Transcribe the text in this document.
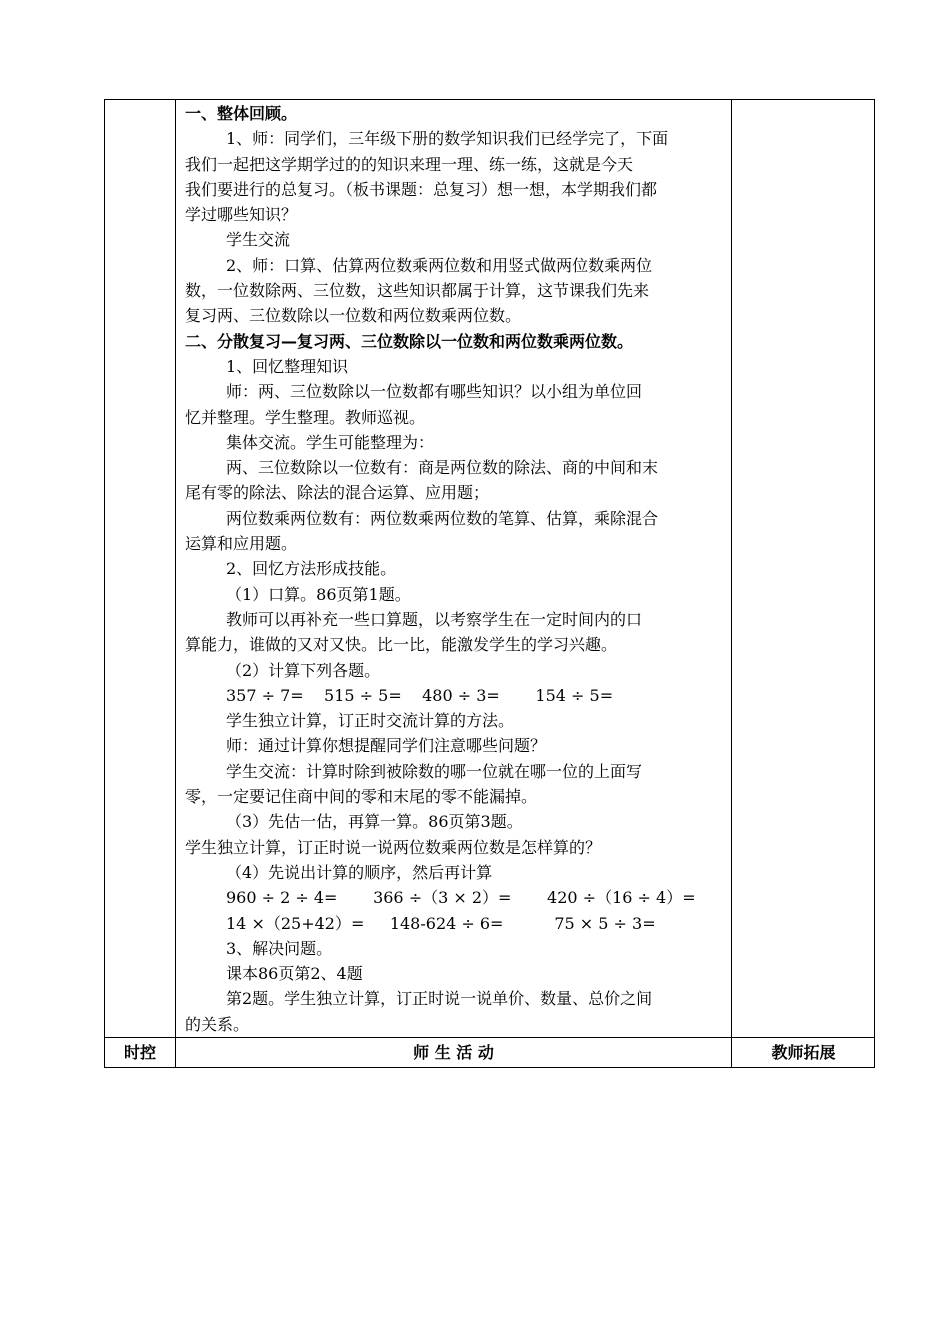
一、整体回顾。
1、师：同学们，三年级下册的数学知识我们已经学完了，下面
我们一起把这学期学过的的知识来理一理、练一练，这就是今天
我们要进行的总复习。（板书课题：总复习）想一想，本学期我们都
学过哪些知识？
学生交流
2、师：口算、估算两位数乘两位数和用竖式做两位数乘两位
数，一位数除两、三位数，这些知识都属于计算，这节课我们先来
复习两、三位数除以一位数和两位数乘两位数。
二、分散复习—复习两、三位数除以一位数和两位数乘两位数。
1、回忆整理知识
师：两、三位数除以一位数都有哪些知识？以小组为单位回
忆并整理。学生整理。教师巡视。
集体交流。学生可能整理为：
两、三位数除以一位数有：商是两位数的除法、商的中间和末
尾有零的除法、除法的混合运算、应用题；
两位数乘两位数有：两位数乘两位数的笔算、估算，乘除混合
运算和应用题。
2、回忆方法形成技能。
（1）口算。86页第1题。
教师可以再补充一些口算题，以考察学生在一定时间内的口
算能力，谁做的又对又快。比一比，能激发学生的学习兴趣。
（2）计算下列各题。
357 ÷ 7=    515 ÷ 5=    480 ÷ 3=       154 ÷ 5=
学生独立计算，订正时交流计算的方法。
师：通过计算你想提醒同学们注意哪些问题？
学生交流：计算时除到被除数的哪一位就在哪一位的上面写
零，一定要记住商中间的零和末尾的零不能漏掉。
（3）先估一估，再算一算。86页第3题。
学生独立计算，订正时说一说两位数乘两位数是怎样算的？
（4）先说出计算的顺序，然后再计算
960 ÷ 2 ÷ 4=       366 ÷（3 × 2）=       420 ÷（16 ÷ 4）=
14 ×（25+42）=     148-624 ÷ 6=          75 × 5 ÷ 3=
3、解决问题。
课本86页第2、4题
第2题。学生独立计算，订正时说一说单价、数量、总价之间
的关系。
时控	师 生 活 动	教师拓展
